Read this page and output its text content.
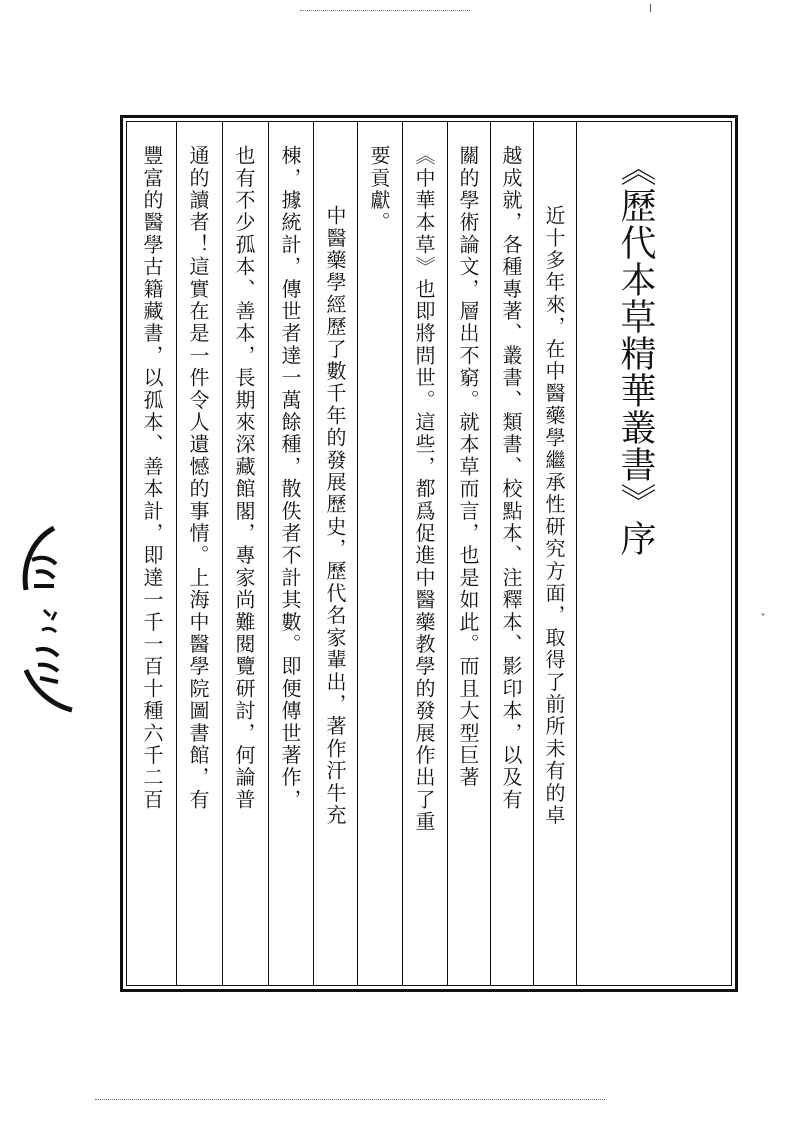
ˇ
《歷代本草精華叢書》序
近十多年來，在中醫藥學繼承性研究方面，取得了前所未有的卓
越成就，各種專著、叢書、類書、校點本、注釋本、影印本，以及有
關的學術論文，層出不窮。就本草而言，也是如此。而且大型巨著
《中華本草》也即將問世。這些，都爲促進中醫藥教學的發展作出了重
要貢獻。
中醫藥學經歷了數千年的發展歷史，歷代名家輩出，著作汗牛充
棟，據統計，傳世者達一萬餘種，散佚者不計其數。即便傳世著作，
也有不少孤本、善本，長期來深藏館閣，專家尚難閱覽研討，何論普
通的讀者！這實在是一件令人遺憾的事情。上海中醫學院圖書館，有
豐富的醫學古籍藏書，以孤本、善本計，即達一千一百十種六千二百
